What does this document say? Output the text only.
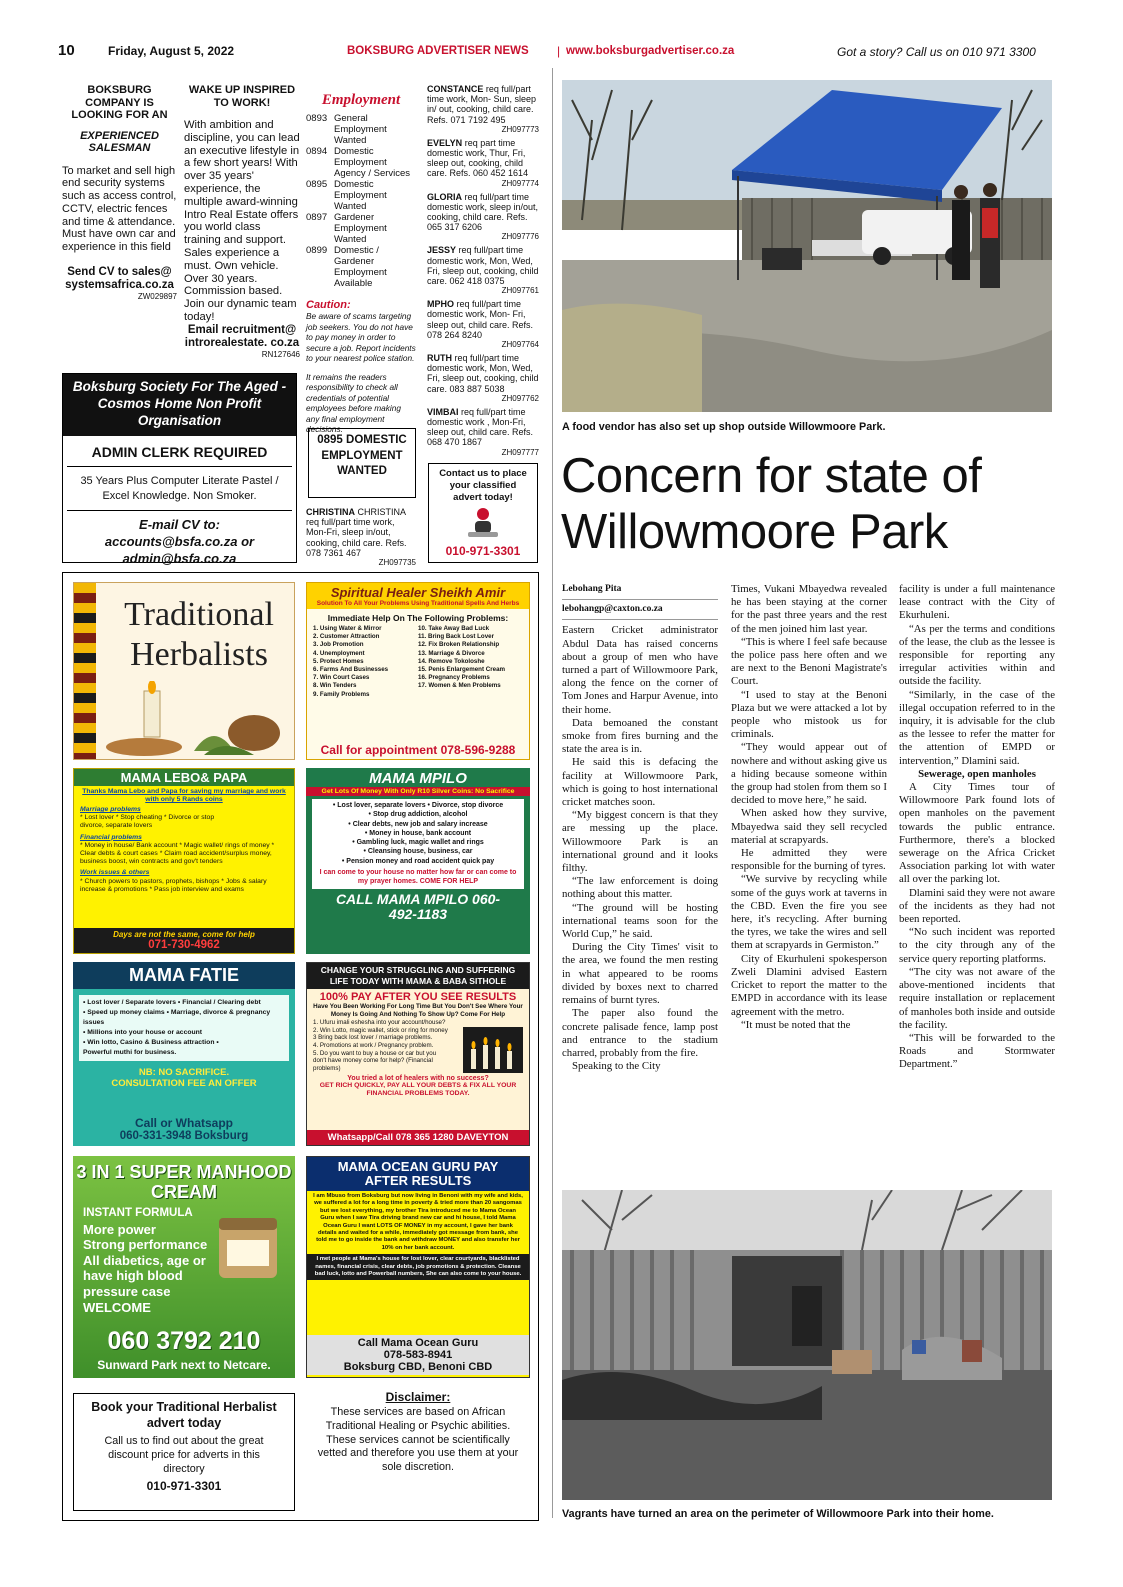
10	Friday, August 5, 2022	BOKSBURG ADVERTISER NEWS | www.boksburgadvertiser.co.za	Got a story? Call us on 010 971 3300
BOKSBURG COMPANY IS LOOKING FOR AN
EXPERIENCED SALESMAN
To market and sell high end security systems such as access control, CCTV, electric fences and time & attendance. Must have own car and experience in this field
Send CV to sales@ systemsafrica.co.za
ZW029897
WAKE UP INSPIRED TO WORK!
With ambition and discipline, you can lead an executive lifestyle in a few short years! With over 35 years' experience, the multiple award-winning Intro Real Estate offers you world class training and support.
Sales experience a must. Own vehicle. Over 30 years. Commission based. Join our dynamic team today!
Email recruitment@ introrealestate. co.za
RN127646
Boksburg Society For The Aged - Cosmos Home Non Profit Organisation
ADMIN CLERK REQUIRED
35 Years Plus Computer Literate Pastel / Excel Knowledge. Non Smoker.
E-mail CV to: accounts@bsfa.co.za or admin@bsfa.co.za
Employment
0893 General Employment Wanted
0894 Domestic Employment Agency / Services
0895 Domestic Employment Wanted
0897 Gardener Employment Wanted
0899 Domestic / Gardener Employment Available
Caution:
Be aware of scams targeting job seekers. You do not have to pay money in order to secure a job. Report incidents to your nearest police station.
It remains the readers responsibility to check all credentials of potential employees before making any final employment decisions.
0895 DOMESTIC EMPLOYMENT WANTED

CHRISTINA CHRISTINA req full/part time work, Mon-Fri, sleep in/out, cooking, child care. Refs. 078 7361 467

ZH097735

CONSTANCE req full/part time work, Mon- Sun, sleep in/ out, cooking, child care. Refs. 071 7192 495

ZH097773

EVELYN req part time domestic work, Thur, Fri, sleep out, cooking, child care. Refs. 060 452 1614

ZH097774

GLORIA req full/part time domestic work, sleep in/out, cooking, child care. Refs. 065 317 6206

ZH097776

JESSY req full/part time domestic work, Mon, Wed, Fri, sleep out, cooking, child care. 062 418 0375

ZH097761

MPHO req full/part time domestic work, Mon- Fri, sleep out, child care. Refs. 078 264 8240

ZH097764

RUTH req full/part time domestic work, Mon, Wed, Fri, sleep out, cooking, child care. 083 887 5038

ZH097762

VIMBAI req full/part time domestic work , Mon-Fri, sleep out, child care. Refs. 068 470 1867

ZH097777
Contact us to place your classified advert today!
010-971-3301
Traditional Herbalists
Spiritual Healer Sheikh Amir
Solution To All Your Problems Using Traditional Spells And Herbs
Immediate Help On The Following Problems:
1. Using Water & Mirror
2. Customer Attraction
3. Job Promotion
4. Unemployment
5. Protect Homes
6. Farms And Businesses
7. Win Court Cases
8. Win Tenders
9. Family Problems
10. Take Away Bad Luck
11. Bring Back Lost Lover
12. Fix Broken Relationship
13. Marriage & Divorce
14. Remove Tokoloshe
15. Penis Enlargement Cream
16. Pregnancy Problems
17. Women & Men Problems
Call for appointment 078-596-9288
MAMA LEBO& PAPA
Thanks Mama Lebo and Papa for saving my marriage and work with only 5 Rands coins
Marriage problems
* Lost lover * Stop cheating * Divorce or stop divorce, separate lovers
Financial problems
* Money in house/ Bank account * Magic wallet/ rings of money * Clear debts & court cases * Claim road accident/surplus money, business boost, win contracts and gov't tenders
Work issues & others
* Church powers to pastors, prophets, bishops * Jobs & salary increase & promotions * Pass job interview and exams
Days are not the same, come for help
071-730-4962
MAMA MPILO
Get Lots Of Money With Only R10 Silver Coins: No Sacrifice
• Lost lover, separate lovers • Divorce, stop divorce
• Stop drug addiction, alcohol
• Clear debts, new job and salary increase
• Money in house, bank account
• Gambling luck, magic wallet and rings
• Cleansing house, business, car
• Pension money and road accident quick pay
I can come to your house no matter how far or can come to my prayer homes. COME FOR HELP
CALL MAMA MPILO 060-492-1183
MAMA FATIE
• Lost lover / Separate lovers • Financial / Clearing debt
• Speed up money claims • Marriage, divorce & pregnancy issues
• Millions into your house or account
• Win lotto, Casino & Business attraction •
Powerful muthi for business.
NB: NO SACRIFICE.
CONSULTATION FEE AN OFFER
Call or Whatsapp
060-331-3948 Boksburg
CHANGE YOUR STRUGGLING AND SUFFERING LIFE TODAY WITH MAMA & BABA SITHOLE
100% PAY AFTER YOU SEE RESULTS
Have You Been Working For Long Time But You Don't See Where Your Money Is Going And Nothing To Show Up? Come For Help
1. Ufuru imali eshesha into your account/house?
2. Win Lotto, magic wallet, stick or ring for money
3 Bring back lost lover / marriage problems.
4. Promotions at work / Pregnancy problem.
5. Do you want to buy a house or car but you don't have money come for help? (Financial problems)
You tried a lot of healers with no success?
GET RICH QUICKLY, PAY ALL YOUR DEBTS & FIX ALL YOUR FINANCIAL PROBLEMS TODAY.
Whatsapp/Call 078 365 1280 DAVEYTON
3 IN 1 SUPER MANHOOD CREAM
INSTANT FORMULA
More power
Strong performance
All diabetics, age or
have high blood
pressure case
WELCOME
060 3792 210
Sunward Park next to Netcare.
MAMA OCEAN GURU PAY AFTER RESULTS
I am Mbuso from Boksburg but now living in Benoni with my wife and kids, we suffered a lot for a long time in poverty & tried more than 20 sangomas but we lost everything, my brother Tira introduced me to Mama Ocean Guru when I saw Tira driving brand new car and hi house, I told Mama Ocean Guru I want LOTS OF MONEY in my account, I gave her bank details and waited for a while, immediately got message from bank, she told me to go inside the bank and withdraw MONEY and also transfer her 10% on her bank account.
I met people at Mama's house for lost lover, clear courtyards, blacklisted names, financial crisis, clear debts, job promotions & protection. Cleanse bad luck, lotto and Powerball numbers, She can also come to your house.
Call Mama Ocean Guru
078-583-8941
Boksburg CBD, Benoni CBD
Book your Traditional Herbalist advert today
Call us to find out about the great discount price for adverts in this directory
010-971-3301
Disclaimer:
These services are based on African Traditional Healing or Psychic abilities. These services cannot be scientifically vetted and therefore you use them at your sole discretion.
A food vendor has also set up shop outside Willowmoore Park.
Concern for state of Willowmoore Park
Lebohang Pita
lebohangp@caxton.co.za

Eastern Cricket administrator Abdul Data has raised concerns about a group of men who have turned a part of Willowmoore Park, along the fence on the corner of Tom Jones and Harpur Avenue, into their home.

Data bemoaned the constant smoke from fires burning and the state the area is in.

He said this is defacing the facility at Willowmoore Park, which is going to host international cricket matches soon.

“My biggest concern is that they are messing up the place. Willowmoore Park is an international ground and it looks filthy.

“The law enforcement is doing nothing about this matter.

“The ground will be hosting international teams soon for the World Cup,” he said.

During the City Times' visit to the area, we found the men resting in what appeared to be rooms divided by boxes next to charred remains of burnt tyres.

The paper also found the concrete palisade fence, lamp post and entrance to the stadium charred, probably from the fire.

Speaking to the City

Times, Vukani Mbayedwa revealed he has been staying at the corner for the past three years and the rest of the men joined him last year.

“This is where I feel safe because the police pass here often and we are next to the Benoni Magistrate's Court.

“I used to stay at the Benoni Plaza but we were attacked a lot by people who mistook us for criminals.

“They would appear out of nowhere and without asking give us a hiding because someone within the group had stolen from them so I decided to move here,” he said.

When asked how they survive, Mbayedwa said they sell recycled material at scrapyards.

He admitted they were responsible for the burning of tyres.

“We survive by recycling while some of the guys work at taverns in the CBD. Even the fire you see here, it's recycling. After burning the tyres, we take the wires and sell them at scrapyards in Germiston.”

City of Ekurhuleni spokesperson Zweli Dlamini advised Eastern Cricket to report the matter to the EMPD in accordance with its lease agreement with the metro.

“It must be noted that the

facility is under a full maintenance lease contract with the City of Ekurhuleni.

“As per the terms and conditions of the lease, the club as the lessee is responsible for reporting any irregular activities within and outside the facility.

“Similarly, in the case of the illegal occupation referred to in the inquiry, it is advisable for the club as the lessee to refer the matter for the attention of EMPD or intervention,” Dlamini said.

Sewerage, open manholes

A City Times tour of Willowmoore Park found lots of open manholes on the pavement towards the public entrance. Furthermore, there's a blocked sewerage on the Africa Cricket Association parking lot with water all over the parking lot.

Dlamini said they were not aware of the incidents as they had not been reported.

“No such incident was reported to the city through any of the service query reporting platforms.

“The city was not aware of the above-mentioned incidents that require installation or replacement of manholes both inside and outside the facility.

“This will be forwarded to the Roads and Stormwater Department.”

Vagrants have turned an area on the perimeter of Willowmoore Park into their home.
